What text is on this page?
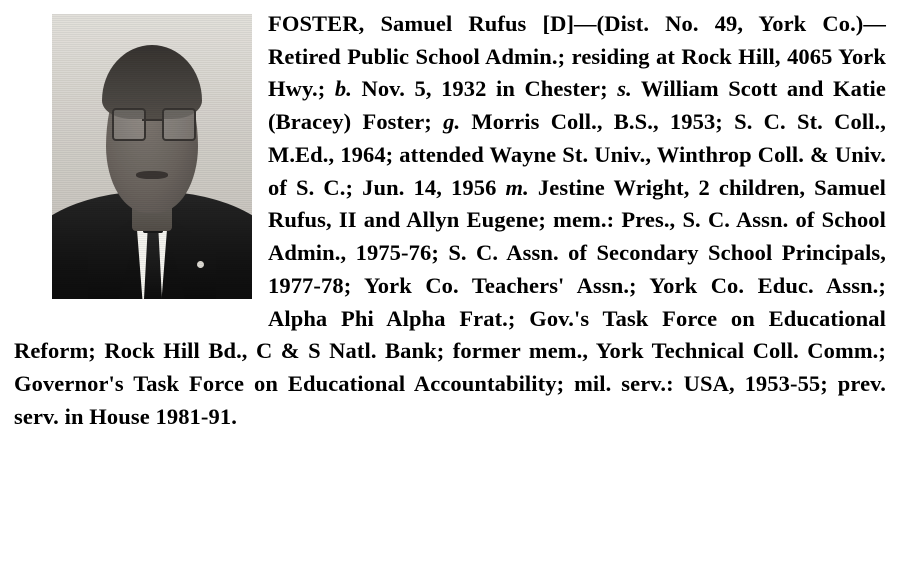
FOSTER, Samuel Rufus [D]—(Dist. No. 49, York Co.)—Retired Public School Admin.; residing at Rock Hill, 4065 York Hwy.; b. Nov. 5, 1932 in Chester; s. William Scott and Katie (Bracey) Foster; g. Morris Coll., B.S., 1953; S. C. St. Coll., M.Ed., 1964; attended Wayne St. Univ., Winthrop Coll. & Univ. of S. C.; Jun. 14, 1956 m. Jestine Wright, 2 children, Samuel Rufus, II and Allyn Eugene; mem.: Pres., S. C. Assn. of School Admin., 1975-76; S. C. Assn. of Secondary School Principals, 1977-78; York Co. Teachers' Assn.; York Co. Educ. Assn.; Alpha Phi Alpha Frat.; Gov.'s Task Force on Educational Reform; Rock Hill Bd., C & S Natl. Bank; former mem., York Technical Coll. Comm.; Governor's Task Force on Educational Accountability; mil. serv.: USA, 1953-55; prev. serv. in House 1981-91.
